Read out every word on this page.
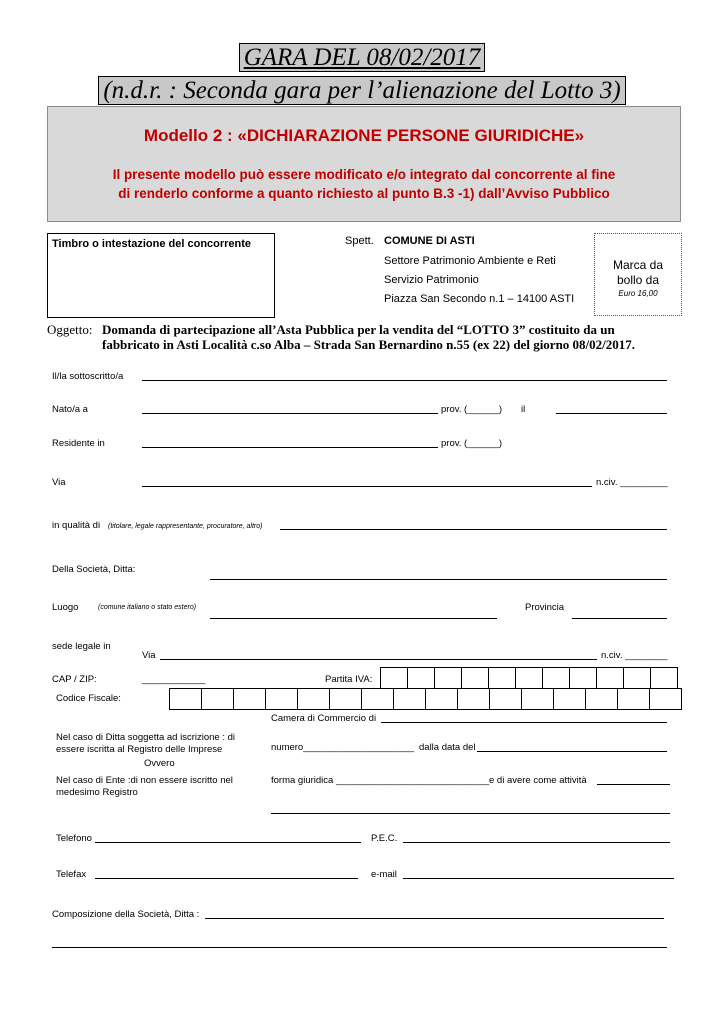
GARA DEL 08/02/2017
(n.d.r. : Seconda gara per l’alienazione del Lotto 3)
Modello 2 : «DICHIARAZIONE PERSONE GIURIDICHE»
Il presente modello può essere modificato e/o integrato dal concorrente al fine
di renderlo conforme a quanto richiesto al punto B.3 -1) dall’Avviso Pubblico
Timbro o intestazione del concorrente	Spett. COMUNE DI ASTI
Settore Patrimonio Ambiente e Reti
Servizio Patrimonio
Piazza San Secondo n.1 – 14100 ASTI
Marca da
bollo da
Euro 16,00
Oggetto: Domanda di partecipazione all’Asta Pubblica per la vendita del “LOTTO 3” costituito da un
fabbricato in Asti Località c.so Alba – Strada San Bernardino n.55 (ex 22) del giorno 08/02/2017.
Il/la sottoscritto/a
Nato/a a	prov. (______) il
Residente in	prov. (______)
Via	n.civ. _________
in qualità di (titolare, legale rappresentante, procuratore, altro)
Della Società, Ditta:
Luogo	(comune italiano o stato estero)	Provincia
sede legale in
Via	n.civ. ________
CAP / ZIP:	____________	Partita IVA:
Codice Fiscale:
Camera di Commercio di
Nel caso di Ditta soggetta ad iscrizione : di essere iscritta al Registro delle Imprese	numero_____________________ dalla data del
Ovvero
Nel caso di Ente :di non essere iscritto nel medesimo Registro
forma giuridica _____________________________ e di avere come attività
Telefono	P.E.C.
Telefax	e-mail
Composizione della Società, Ditta :
